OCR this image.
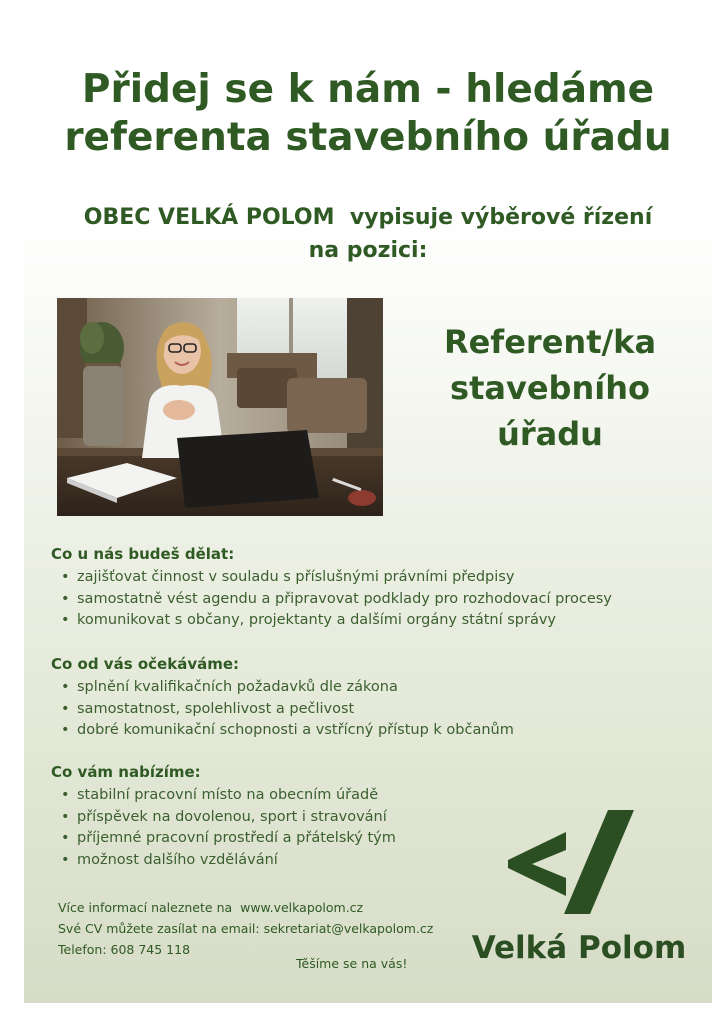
Přidej se k nám - hledáme
referenta stavebního úřadu
OBEC VELKÁ POLOM  vypisuje výběrové řízení
na pozici:
Referent/ka
stavebního
úřadu
Co u nás budeš dělat:
• zajišťovat činnost v souladu s příslušnými právními předpisy
• samostatně vést agendu a připravovat podklady pro rozhodovací procesy
• komunikovat s občany, projektanty a dalšími orgány státní správy
Co od vás očekáváme:
• splnění kvalifikačních požadavků dle zákona
• samostatnost, spolehlivost a pečlivost
• dobré komunikační schopnosti a vstřícný přístup k občanům
Co vám nabízíme:
• stabilní pracovní místo na obecním úřadě
• příspěvek na dovolenou, sport i stravování
• příjemné pracovní prostředí a přátelský tým
• možnost dalšího vzdělávání
Více informací naleznete na  www.velkapolom.cz
Své CV můžete zasílat na email: sekretariat@velkapolom.cz
Telefon: 608 745 118
Těšíme se na vás!	Velká Polom
